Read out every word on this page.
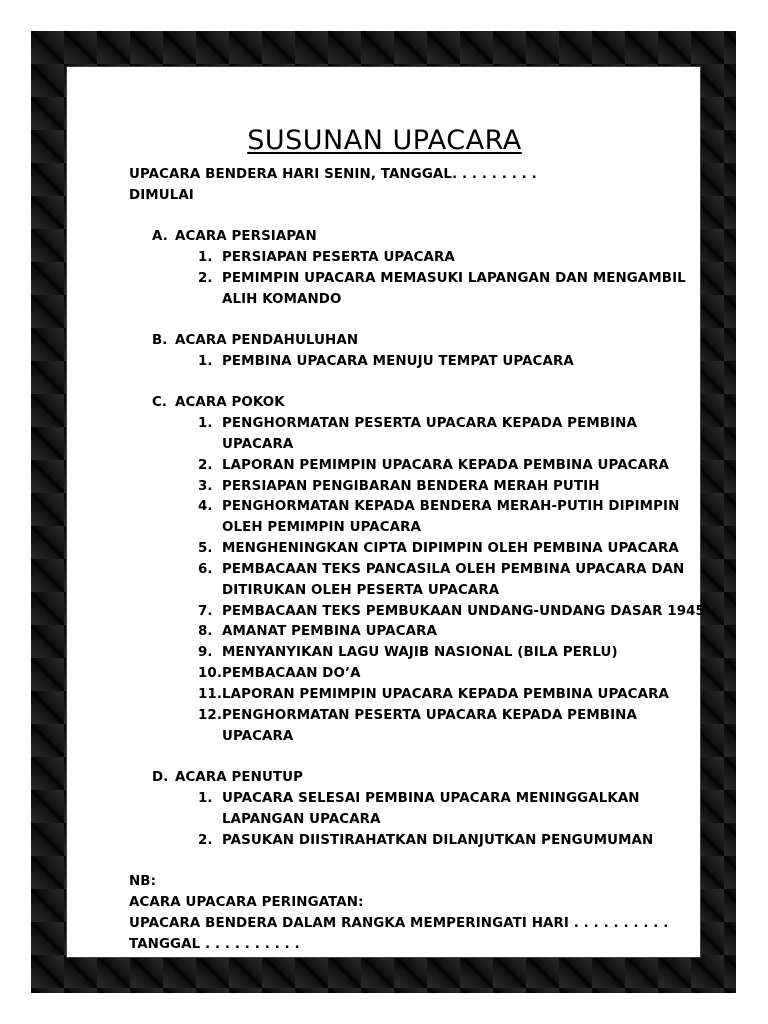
SUSUNAN UPACARA
UPACARA BENDERA HARI SENIN, TANGGAL. . . . . . . . .
DIMULAI
A. ACARA PERSIAPAN
1. PERSIAPAN PESERTA UPACARA
2. PEMIMPIN UPACARA MEMASUKI LAPANGAN DAN MENGAMBIL
ALIH KOMANDO
B. ACARA PENDAHULUHAN
1. PEMBINA UPACARA MENUJU TEMPAT UPACARA
C. ACARA POKOK
1. PENGHORMATAN PESERTA UPACARA KEPADA PEMBINA
UPACARA
2. LAPORAN PEMIMPIN UPACARA KEPADA PEMBINA UPACARA
3. PERSIAPAN PENGIBARAN BENDERA MERAH PUTIH
4. PENGHORMATAN KEPADA BENDERA MERAH-PUTIH DIPIMPIN
OLEH PEMIMPIN UPACARA
5. MENGHENINGKAN CIPTA DIPIMPIN OLEH PEMBINA UPACARA
6. PEMBACAAN TEKS PANCASILA OLEH PEMBINA UPACARA DAN
DITIRUKAN OLEH PESERTA UPACARA
7. PEMBACAAN TEKS PEMBUKAAN UNDANG-UNDANG DASAR 1945
8. AMANAT PEMBINA UPACARA
9. MENYANYIKAN LAGU WAJIB NASIONAL (BILA PERLU)
10. PEMBACAAN DO’A
11. LAPORAN PEMIMPIN UPACARA KEPADA PEMBINA UPACARA
12. PENGHORMATAN PESERTA UPACARA KEPADA PEMBINA
UPACARA
D. ACARA PENUTUP
1. UPACARA SELESAI PEMBINA UPACARA MENINGGALKAN
LAPANGAN UPACARA
2. PASUKAN DIISTIRAHATKAN DILANJUTKAN PENGUMUMAN
NB:
ACARA UPACARA PERINGATAN:
UPACARA BENDERA DALAM RANGKA MEMPERINGATI HARI . . . . . . . . . .
TANGGAL . . . . . . . . . .
